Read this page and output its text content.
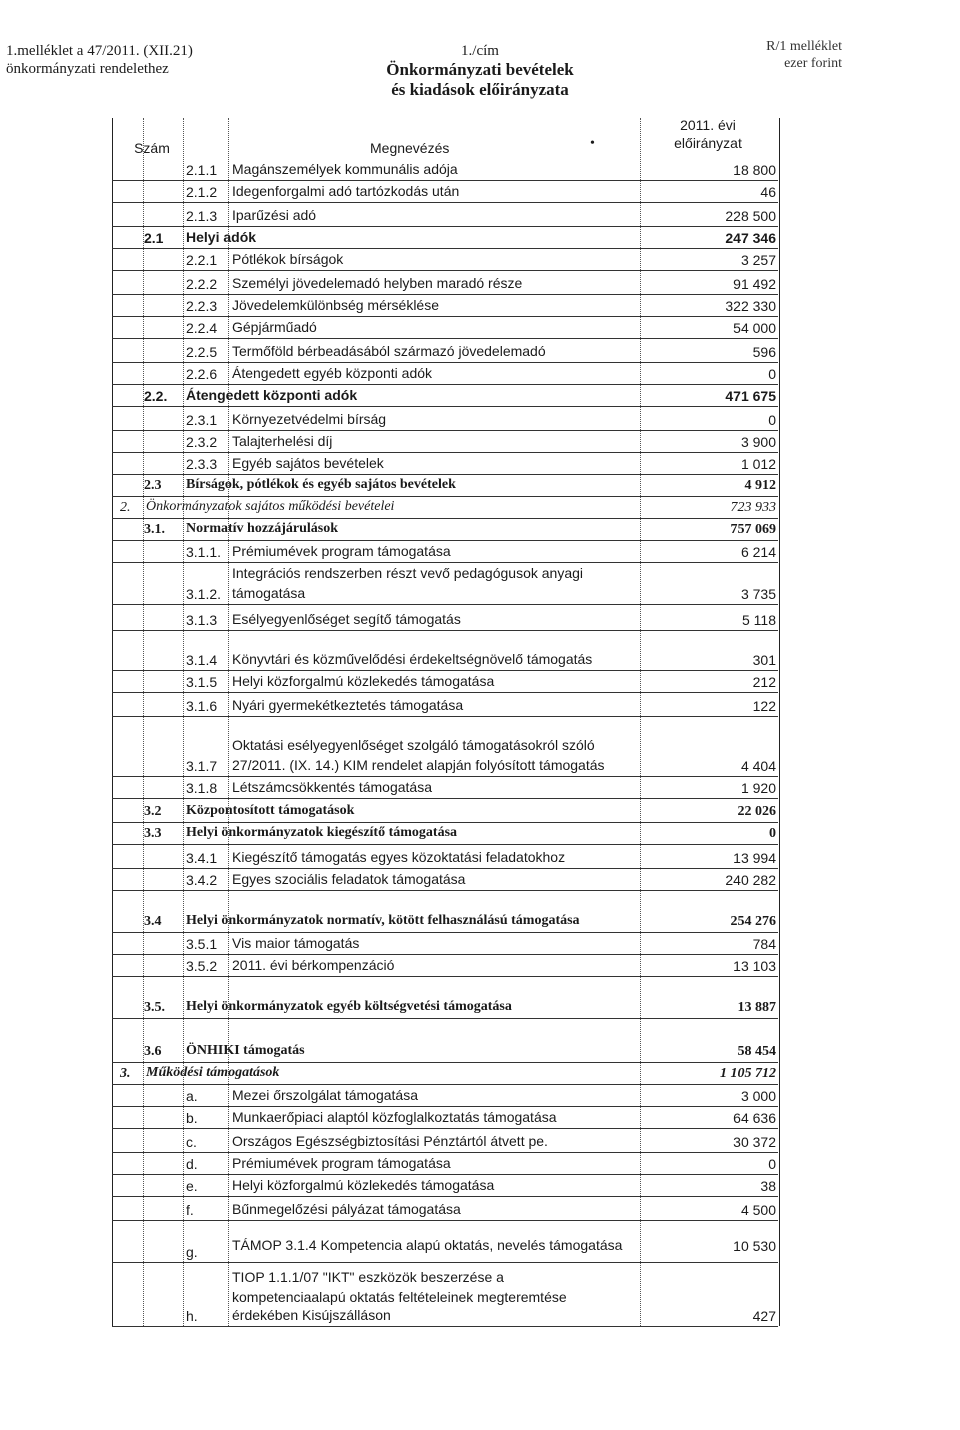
1.melléklet a 47/2011. (XII.21)
önkormányzati rendelethez
1./cím
Önkormányzati bevételek
és kiadások előirányzata
R/1 melléklet
ezer forint
Szám	Megnevézés	•
2011. évi
előirányzat
2.1.1 Magánszemélyek kommunális adója	18 800
2.1.2 Idegenforgalmi adó tartózkodás után	46
2.1.3 Iparűzési adó	228 500
2.1 Helyi adók	247 346
2.2.1 Pótlékok bírságok	3 257
2.2.2 Személyi jövedelemadó helyben maradó része	91 492
2.2.3 Jövedelemkülönbség mérséklése	322 330
2.2.4 Gépjárműadó	54 000
2.2.5 Termőföld bérbeadásából származó jövedelemadó	596
2.2.6 Átengedett egyéb központi adók	0
2.2. Átengedett központi adók	471 675
2.3.1 Környezetvédelmi bírság	0
2.3.2 Talajterhelési díj	3 900
2.3.3 Egyéb sajátos bevételek	1 012
2.3 Bírságok, pótlékok és egyéb sajátos bevételek	4 912
2. Önkormányzatok sajátos működési bevételei	723 933
3.1. Normatív hozzájárulások	757 069
3.1.1. Prémiumévek program támogatása	6 214
3.1.2.
Integrációs rendszerben részt vevő pedagógusok anyagi
támogatása	3 735
3.1.3 Esélyegyenlőséget segítő támogatás	5 118
3.1.4 Könyvtári és közművelődési érdekeltségnövelő támogatás	301
3.1.5 Helyi közforgalmú közlekedés támogatása	212
3.1.6 Nyári gyermekétkeztetés támogatása	122
3.1.7
Oktatási esélyegyenlőséget szolgáló támogatásokról szóló
27/2011. (IX. 14.) KIM rendelet alapján folyósított támogatás	4 404
3.1.8 Létszámcsökkentés támogatása	1 920
3.2 Központosított támogatások	22 026
3.3 Helyi önkormányzatok kiegészítő támogatása	0
3.4.1 Kiegészítő támogatás egyes közoktatási feladatokhoz	13 994
3.4.2 Egyes szociális feladatok támogatása	240 282
3.4 Helyi önkormányzatok normatív, kötött felhasználású támogatása	254 276
3.5.1 Vis maior támogatás	784
3.5.2 2011. évi bérkompenzáció	13 103
3.5. Helyi önkormányzatok egyéb költségvetési támogatása	13 887
3.6 ÖNHIKI támogatás	58 454
3. Működési támogatások	1 105 712
a. Mezei őrszolgálat támogatása	3 000
b. Munkaerőpiaci alaptól közfoglalkoztatás támogatása	64 636
c.	Országos Egészségbiztosítási Pénztártól átvett pe.	30 372
d. Prémiumévek program támogatása	0
e. Helyi közforgalmú közlekedés támogatása	38
f.	Bűnmegelőzési pályázat támogatása	4 500
g. TÁMOP 3.1.4 Kompetencia alapú oktatás, nevelés támogatása	10 530
h.
TIOP 1.1.1/07 "IKT" eszközök beszerzése a
kompetenciaalapú oktatás feltételeinek megteremtése
érdekében Kisújszálláson	427
